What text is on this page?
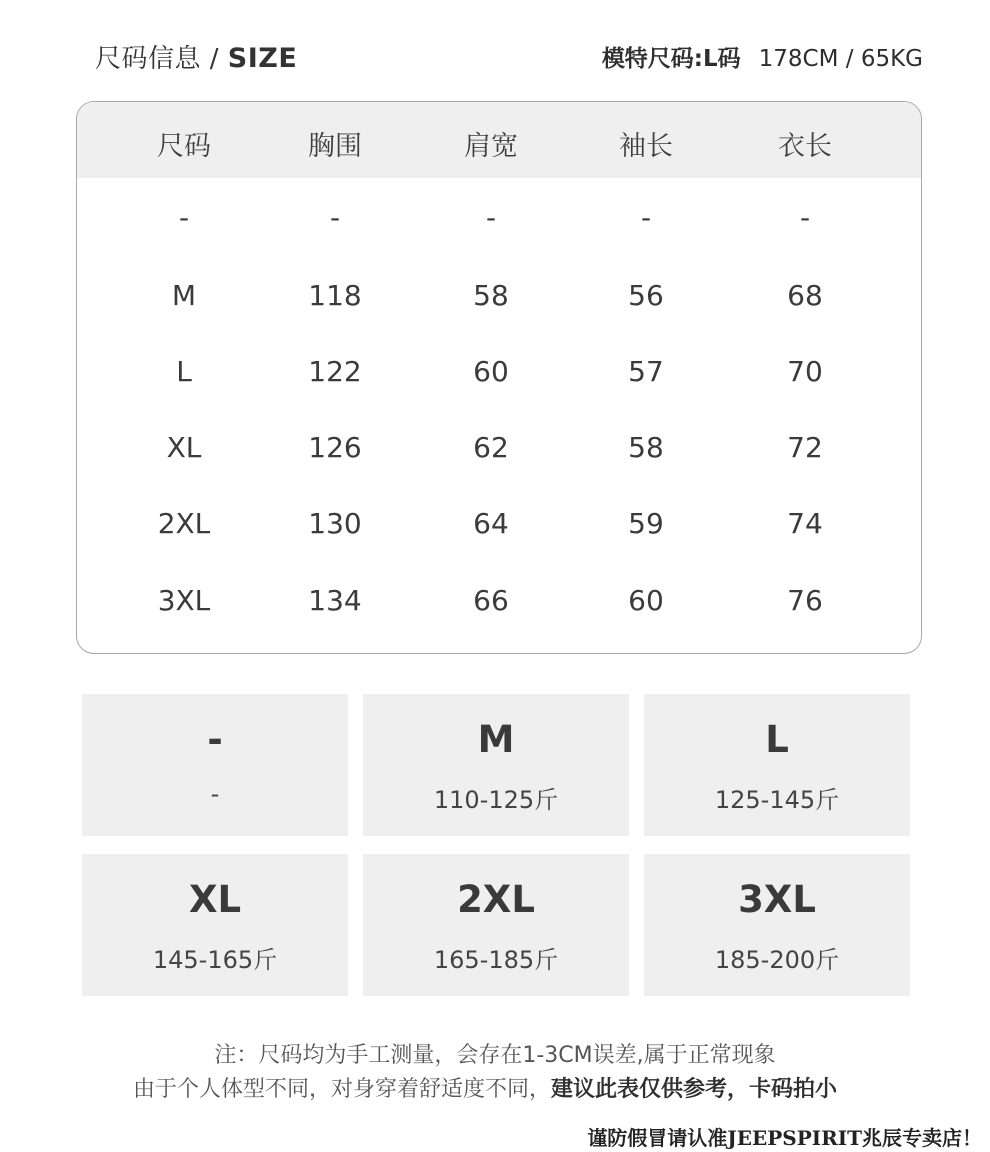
尺码信息 / SIZE	模特尺码:L码 178CM / 65KG
尺码	胸围	肩宽	袖长	衣长
-	-	-	-	-
M	118	58	56	68
L	122	60	57	70
XL	126	62	58	72
2XL	130	64	59	74
3XL	134	66	60	76
-
-
M
110-125斤
L
125-145斤
XL
145-165斤
2XL
165-185斤
3XL
185-200斤
注：尺码均为手工测量，会存在1-3CM误差,属于正常现象
由于个人体型不同，对身穿着舒适度不同，建议此表仅供参考，卡码拍小
谨防假冒请认准JEEPSPIRIT兆辰专卖店！
